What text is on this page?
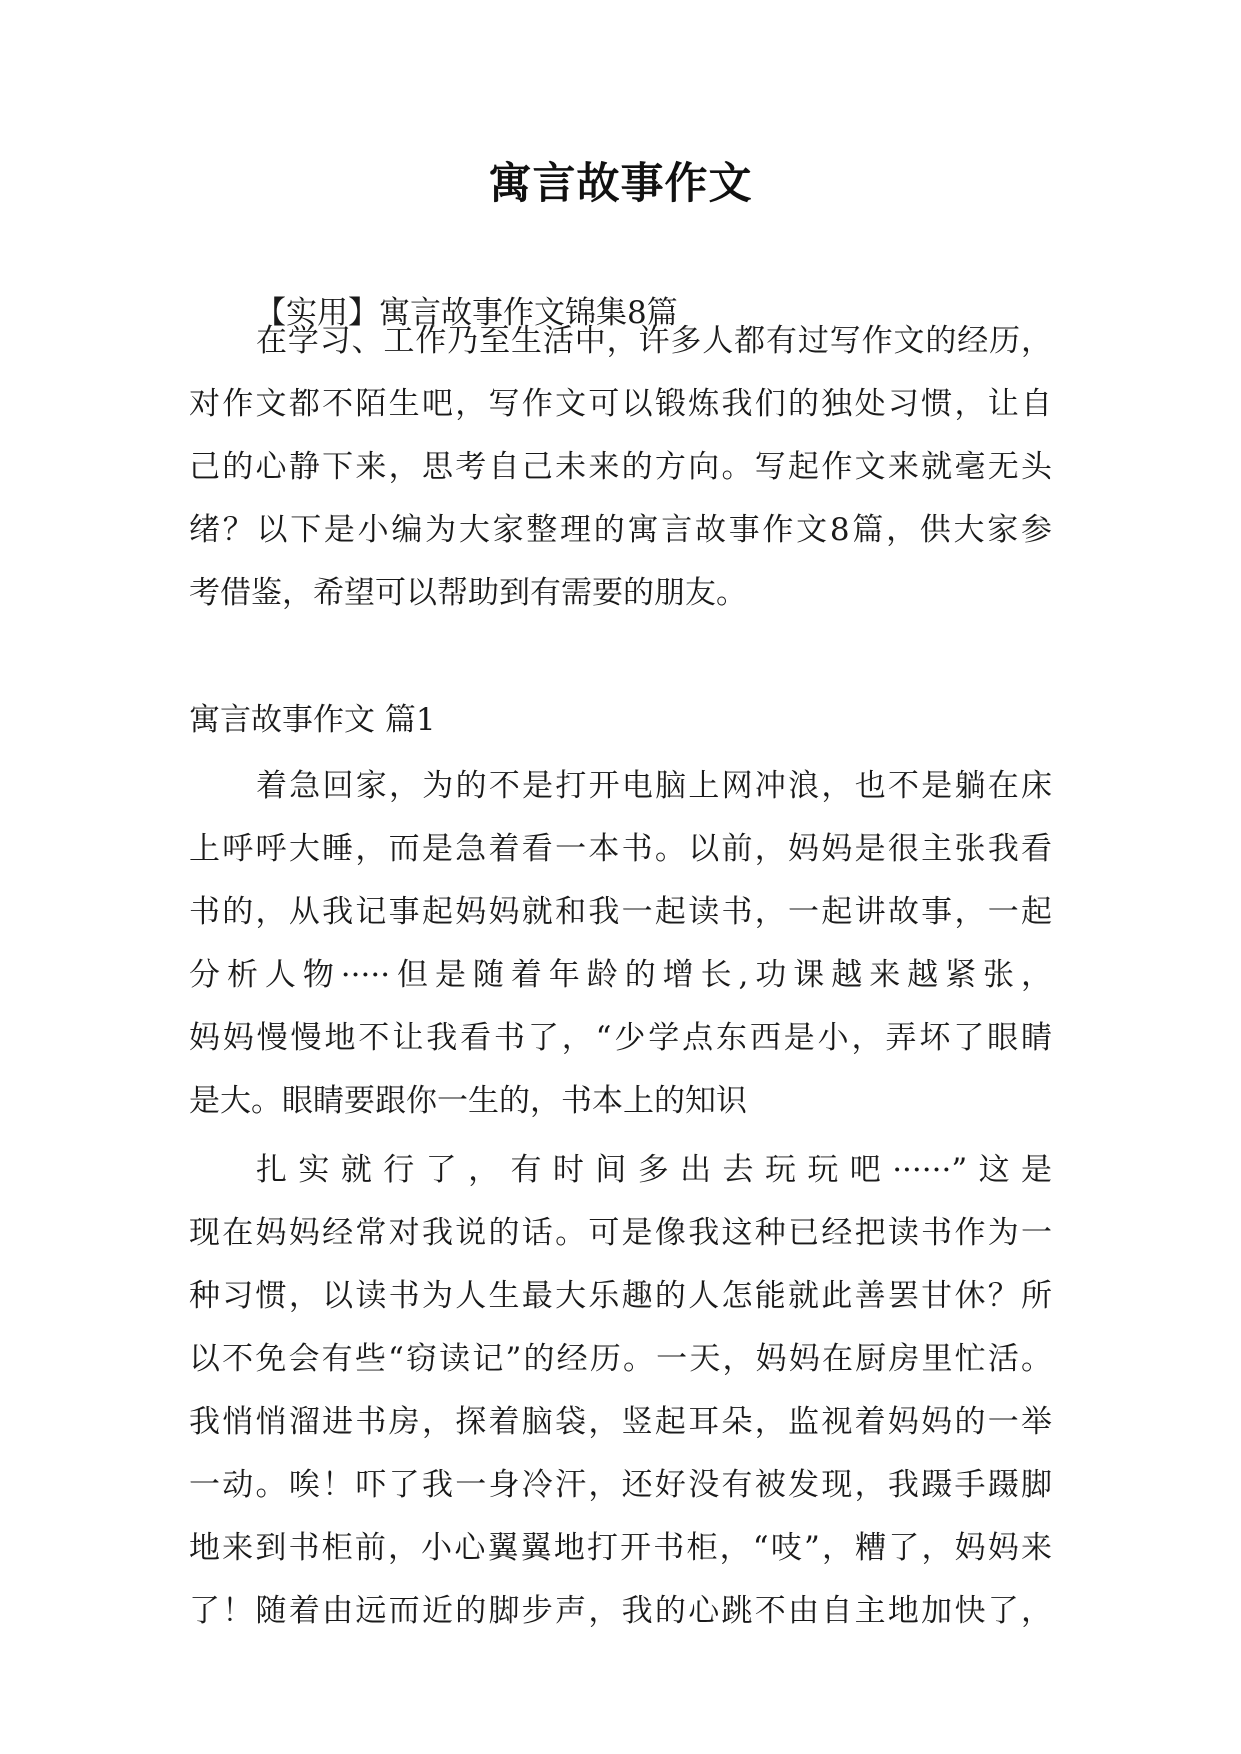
寓言故事作文
【实用】寓言故事作文锦集8篇
在学习、工作乃至生活中，许多人都有过写作文的经历，
对作文都不陌生吧，写作文可以锻炼我们的独处习惯，让自
己的心静下来，思考自己未来的方向。写起作文来就毫无头
绪？以下是小编为大家整理的寓言故事作文8篇，供大家参
考借鉴，希望可以帮助到有需要的朋友。
寓言故事作文 篇1
着急回家，为的不是打开电脑上网冲浪，也不是躺在床
上呼呼大睡，而是急着看一本书。以前，妈妈是很主张我看
书的，从我记事起妈妈就和我一起读书，一起讲故事，一起
分析人物·····但是随着年龄的增长,功课越来越紧张，
妈妈慢慢地不让我看书了，“少学点东西是小，弄坏了眼睛
是大。眼睛要跟你一生的，书本上的知识
扎实就行了，有时间多出去玩玩吧······”这是
现在妈妈经常对我说的话。可是像我这种已经把读书作为一
种习惯，以读书为人生最大乐趣的人怎能就此善罢甘休？所
以不免会有些“窃读记”的经历。一天，妈妈在厨房里忙活。
我悄悄溜进书房，探着脑袋，竖起耳朵，监视着妈妈的一举
一动。唉！吓了我一身冷汗，还好没有被发现，我蹑手蹑脚
地来到书柜前，小心翼翼地打开书柜，“吱”，糟了，妈妈来
了！随着由远而近的脚步声，我的心跳不由自主地加快了，
